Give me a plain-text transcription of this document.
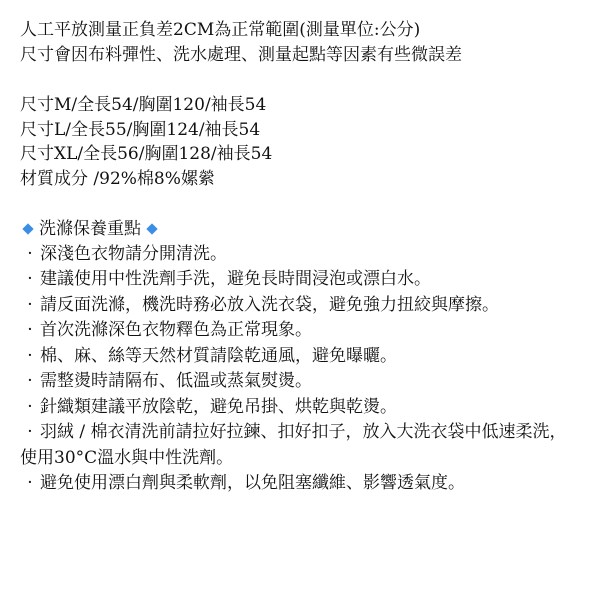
人工平放測量正負差2CM為正常範圍(測量單位:公分)

尺寸會因布料彈性、洗水處理、測量起點等因素有些微誤差

尺寸M/全長54/胸圍120/袖長54

尺寸L/全長55/胸圍124/袖長54

尺寸XL/全長56/胸圍128/袖長54

材質成分 /92%棉8%嫘縈

洗滌保養重點

· 深淺色衣物請分開清洗。

· 建議使用中性洗劑手洗，避免長時間浸泡或漂白水。

· 請反面洗滌，機洗時務必放入洗衣袋，避免強力扭絞與摩擦。

· 首次洗滌深色衣物釋色為正常現象。

· 棉、麻、絲等天然材質請陰乾通風，避免曝曬。

· 需整燙時請隔布、低溫或蒸氣熨燙。

· 針織類建議平放陰乾，避免吊掛、烘乾與乾燙。

· 羽絨 / 棉衣清洗前請拉好拉鍊、扣好扣子，放入大洗衣袋中低速柔洗，使用30°C溫水與中性洗劑。

· 避免使用漂白劑與柔軟劑，以免阻塞纖維、影響透氣度。
